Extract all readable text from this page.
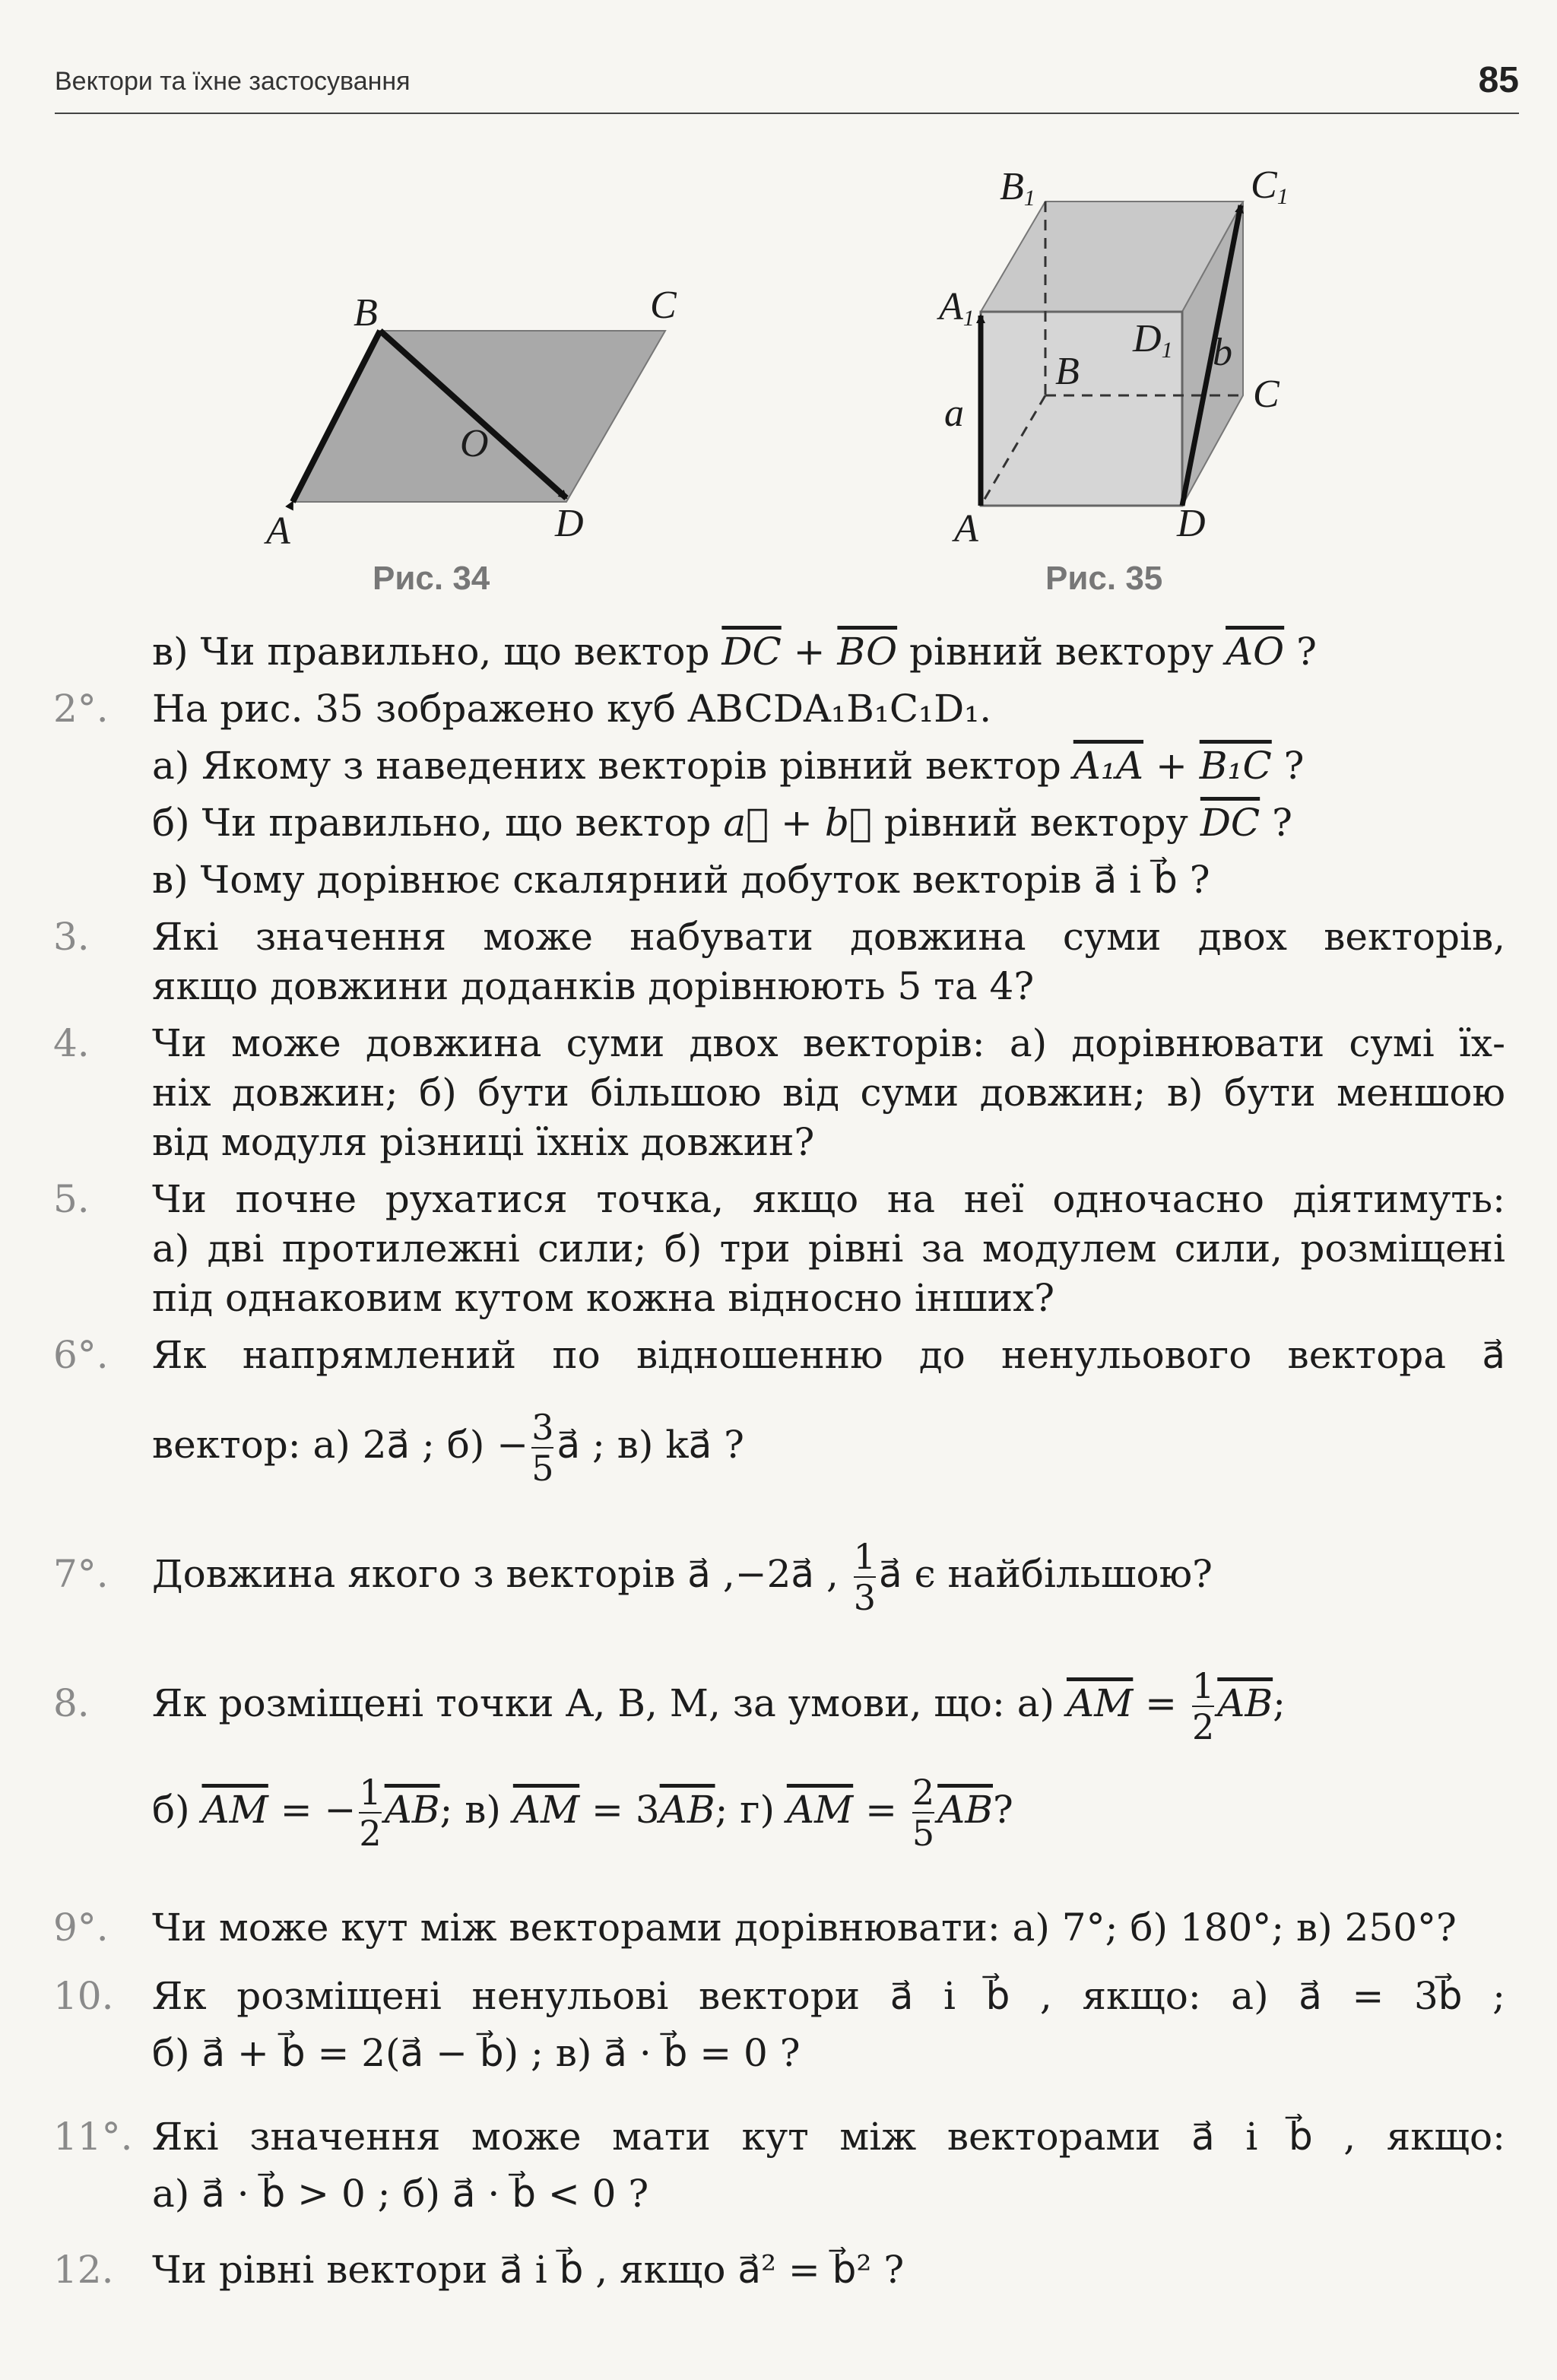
Вектори та їхне застосування	85
B	C
O
A	D
Рис. 34
B1	C1
A1	D1
B
C
A	D
a
b
Рис. 35
в) Чи правильно, що вектор $\overline{DC} + \overline{BO}$ рівний вектору $\overline{AO}$ ?
2°.	На рис. 35 зображено куб ABCDA₁B₁C₁D₁.
а) Якому з наведених векторів рівний вектор A₁A + B₁C ?
б) Чи правильно, що вектор a⃗ + b⃗ рівний вектору $\overline{DC}$ ?
в) Чому дорівнює скалярний добуток векторів a⃗ і b⃗ ?
3.	Які значення може набувати довжина суми двох векторів,
якщо довжини доданків дорівнюють 5 та 4?
4.	Чи може довжина суми двох векторів: а) дорівнювати сумі їх-
ніх довжин; б) бути більшою від суми довжин; в) бути меншою
від модуля різниці їхніх довжин?
5.	Чи почне рухатися точка, якщо на неї одночасно діятимуть:
а) дві протилежні сили; б) три рівні за модулем сили, розміщені
під однаковим кутом кожна відносно інших?
6°.	Як напрямлений по відношенню до ненульового вектора a⃗
вектор: а) 2a⃗ ; $б) - \frac{3}{5}$ a⃗ ; в) ka⃗ ?
7°.	Довжина якого з векторів a⃗ ,−2a⃗ , $\frac{1}{3}$ a⃗ є найбільшою?
8.	Як розміщені точки A, B, M, за умови, що: а) $\overline{AM} = \frac{1}{2} \overline{AB}$;
б) $\overline{AM}$ = − $\frac{1}{2} \overline{AB}$; в) $\overline{AM} = 3\overline{AB}$; г) $\overline{AM} = \frac{2}{5} \overline{AB}$?
9°.	Чи може кут між векторами дорівнювати: а) 7°; б) 180°; в) 250°?
10.	Як розміщені ненульові вектори a⃗ і b⃗ , якщо: а) a⃗ = 3b⃗ ;
б) a⃗ + b⃗ = 2(a⃗ − b⃗) ; в) a⃗ · b⃗ = 0 ?
11°. Які значення може мати кут між векторами a⃗ і b⃗ , якщо:
а) a⃗ · b⃗ > 0 ; б) a⃗ · b⃗ < 0 ?
12.	Чи рівні вектори a⃗ і b⃗ , якщо a⃗² = b⃗² ?
